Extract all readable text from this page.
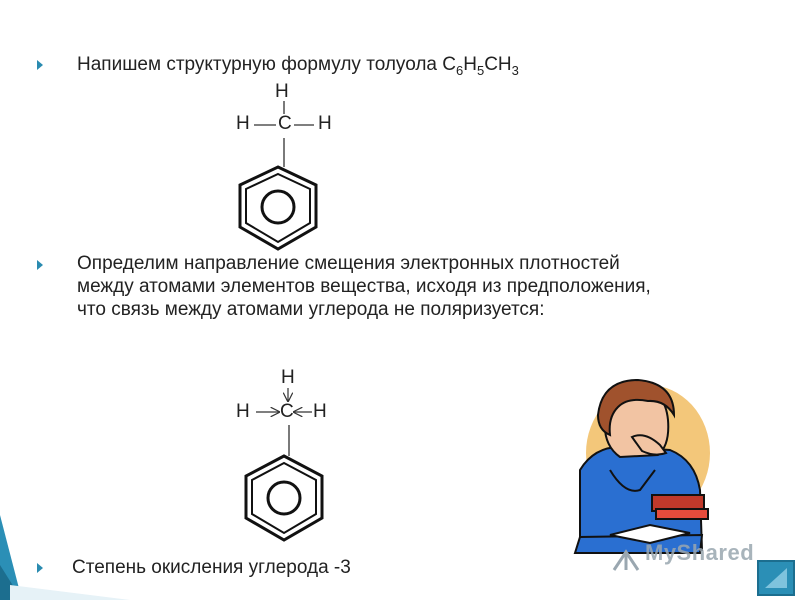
Напишем структурную формулу толуола $C_6H_5CH_3$
H
H C H
Определим направление смещения электронных плотностей
между атомами элементов вещества, исходя из предположения,
что связь между атомами углерода не поляризуется:
H
H C H
Степень окисления углерода -3
MyShared
